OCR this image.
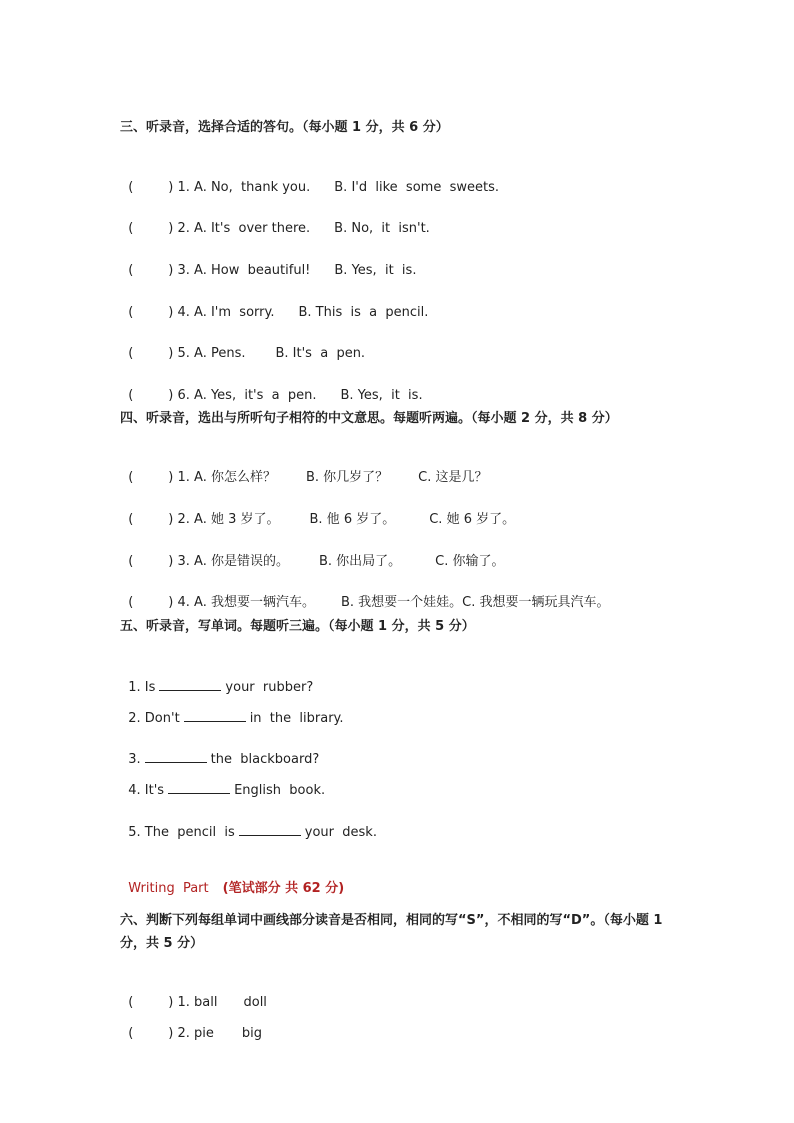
三、听录音，选择合适的答句。（每小题 1 分，共 6 分）

(	) 1. A. No,  thank you. B. I'd  like  some  sweets.

(	) 2. A. It's  over there. B. No,  it  isn't.

(	) 3. A. How  beautiful! B. Yes,  it  is.

(	) 4. A. I'm  sorry. B. This  is  a  pencil.

(	) 5. A. Pens. B. It's  a  pen.

(	) 6. A. Yes,  it's  a  pen. B. Yes,  it  is.

四、听录音，选出与所听句子相符的中文意思。每题听两遍。（每小题 2 分，共 8 分）

(	) 1. A. 你怎么样？ B. 你几岁了？ C. 这是几？

(	) 2. A. 她 3 岁了。 B. 他 6 岁了。	C. 她 6 岁了。

(	) 3. A. 你是错误的。 B. 你出局了。	C. 你输了。

(	) 4. A. 我想要一辆汽车。 B. 我想要一个娃娃。C. 我想要一辆玩具汽车。

五、听录音，写单词。每题听三遍。（每小题 1 分，共 5 分）

1. Is	your  rubber?

2. Don't	in  the  library.

3.	the  blackboard?

4. It's	English  book.

5. The  pencil  is	your  desk.

Writing  Part (笔试部分 共 62 分)

六、判断下列每组单词中画线部分读音是否相同，相同的写“S”，不相同的写“D”。（每小题 1 分，共 5 分）

(	) 1. ball doll

(	) 2. pie big
